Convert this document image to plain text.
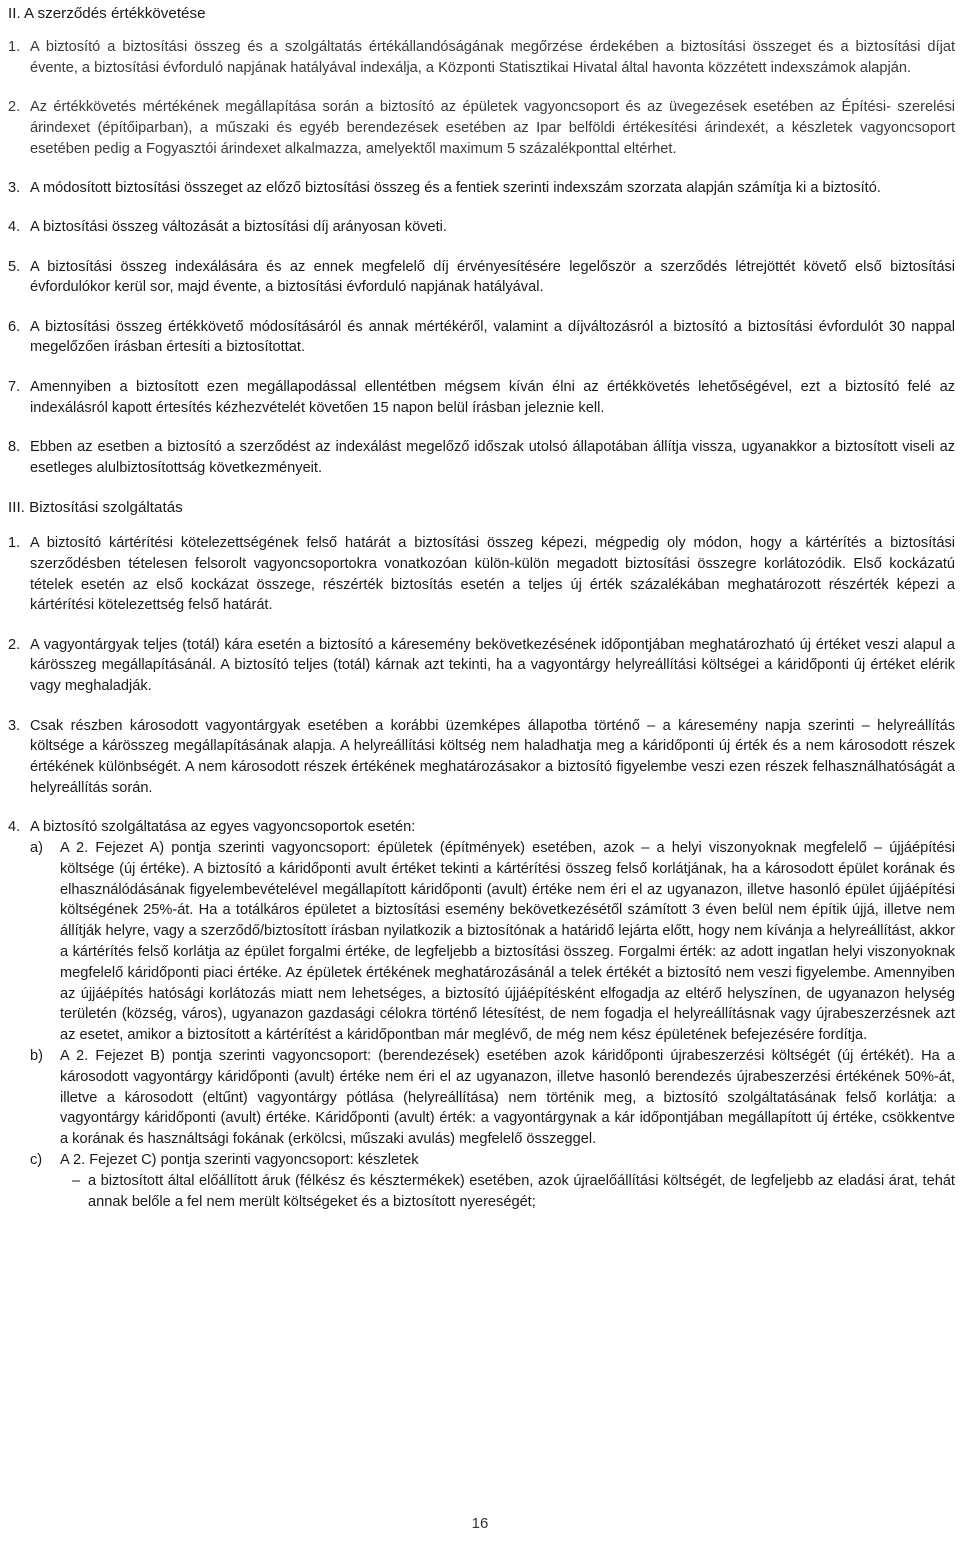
II. A szerződés értékkövetése
1. A biztosító a biztosítási összeg és a szolgáltatás értékállandóságának megőrzése érdekében a biztosítási összeget és a biztosítási díjat évente, a biztosítási évforduló napjának hatályával indexálja, a Központi Statisztikai Hivatal által havonta közzétett indexszámok alapján.
2. Az értékkövetés mértékének megállapítása során a biztosító az épületek vagyoncsoport és az üvegezések esetében az Építési- szerelési árindexet (építőiparban), a műszaki és egyéb berendezések esetében az Ipar belföldi értékesítési árindexét, a készletek vagyoncsoport esetében pedig a Fogyasztói árindexet alkalmazza, amelyektől maximum 5 százalékponttal eltérhet.
3. A módosított biztosítási összeget az előző biztosítási összeg és a fentiek szerinti indexszám szorzata alapján számítja ki a biztosító.
4. A biztosítási összeg változását a biztosítási díj arányosan követi.
5. A biztosítási összeg indexálására és az ennek megfelelő díj érvényesítésére legelőször a szerződés létrejöttét követő első biztosítási évfordulókor kerül sor, majd évente, a biztosítási évforduló napjának hatályával.
6. A biztosítási összeg értékkövető módosításáról és annak mértékéről, valamint a díjváltozásról a biztosító a biztosítási évfordulót 30 nappal megelőzően írásban értesíti a biztosítottat.
7. Amennyiben a biztosított ezen megállapodással ellentétben mégsem kíván élni az értékkövetés lehetőségével, ezt a biztosító felé az indexálásról kapott értesítés kézhezvételét követően 15 napon belül írásban jeleznie kell.
8. Ebben az esetben a biztosító a szerződést az indexálást megelőző időszak utolsó állapotában állítja vissza, ugyanakkor a biztosított viseli az esetleges alulbiztosítottság következményeit.
III. Biztosítási szolgáltatás
1. A biztosító kártérítési kötelezettségének felső határát a biztosítási összeg képezi, mégpedig oly módon, hogy a kártérítés a biztosítási szerződésben tételesen felsorolt vagyoncsoportokra vonatkozóan külön-külön megadott biztosítási összegre korlátozódik. Első kockázatú tételek esetén az első kockázat összege, részérték biztosítás esetén a teljes új érték százalékában meghatározott részérték képezi a kártérítési kötelezettség felső határát.
2. A vagyontárgyak teljes (totál) kára esetén a biztosító a káresemény bekövetkezésének időpontjában meghatározható új értéket veszi alapul a kárösszeg megállapításánál. A biztosító teljes (totál) kárnak azt tekinti, ha a vagyontárgy helyreállítási költségei a káridőponti új értéket elérik vagy meghaladják.
3. Csak részben károsodott vagyontárgyak esetében a korábbi üzemképes állapotba történő – a káresemény napja szerinti – helyreállítás költsége a kárösszeg megállapításának alapja. A helyreállítási költség nem haladhatja meg a káridőponti új érték és a nem károsodott részek értékének különbségét. A nem károsodott részek értékének meghatározásakor a biztosító figyelembe veszi ezen részek felhasználhatóságát a helyreállítás során.
4. A biztosító szolgáltatása az egyes vagyoncsoportok esetén:
a) A 2. Fejezet A) pontja szerinti vagyoncsoport: épületek (építmények) esetében, azok – a helyi viszonyoknak megfelelő – újjáépítési költsége (új értéke). A biztosító a káridőponti avult értéket tekinti a kártérítési összeg felső korlátjának, ha a károsodott épület korának és elhasználódásának figyelembevételével megállapított káridőponti (avult) értéke nem éri el az ugyanazon, illetve hasonló épület újjáépítési költségének 25%-át. Ha a totálkáros épületet a biztosítási esemény bekövetkezésétől számított 3 éven belül nem építik újjá, illetve nem állítják helyre, vagy a szerződő/biztosított írásban nyilatkozik a biztosítónak a határidő lejárta előtt, hogy nem kívánja a helyreállítást, akkor a kártérítés felső korlátja az épület forgalmi értéke, de legfeljebb a biztosítási összeg. Forgalmi érték: az adott ingatlan helyi viszonyoknak megfelelő káridőponti piaci értéke. Az épületek értékének meghatározásánál a telek értékét a biztosító nem veszi figyelembe. Amennyiben az újjáépítés hatósági korlátozás miatt nem lehetséges, a biztosító újjáépítésként elfogadja az eltérő helyszínen, de ugyanazon helység területén (község, város), ugyanazon gazdasági célokra történő létesítést, de nem fogadja el helyreállításnak vagy újrabeszerzésnek azt az esetet, amikor a biztosított a kártérítést a káridőpontban már meglévő, de még nem kész épületének befejezésére fordítja.
b) A 2. Fejezet B) pontja szerinti vagyoncsoport: (berendezések) esetében azok káridőponti újrabeszerzési költségét (új értékét). Ha a károsodott vagyontárgy káridőponti (avult) értéke nem éri el az ugyanazon, illetve hasonló berendezés újrabeszerzési értékének 50%-át, illetve a károsodott (eltűnt) vagyontárgy pótlása (helyreállítása) nem történik meg, a biztosító szolgáltatásának felső korlátja: a vagyontárgy káridőponti (avult) értéke. Káridőponti (avult) érték: a vagyontárgynak a kár időpontjában megállapított új értéke, csökkentve a korának és használtsági fokának (erkölcsi, műszaki avulás) megfelelő összeggel.
c) A 2. Fejezet C) pontja szerinti vagyoncsoport: készletek
– a biztosított által előállított áruk (félkész és késztermékek) esetében, azok újraelőállítási költségét, de legfeljebb az eladási árat, tehát annak belőle a fel nem merült költségeket és a biztosított nyereségét;
16
